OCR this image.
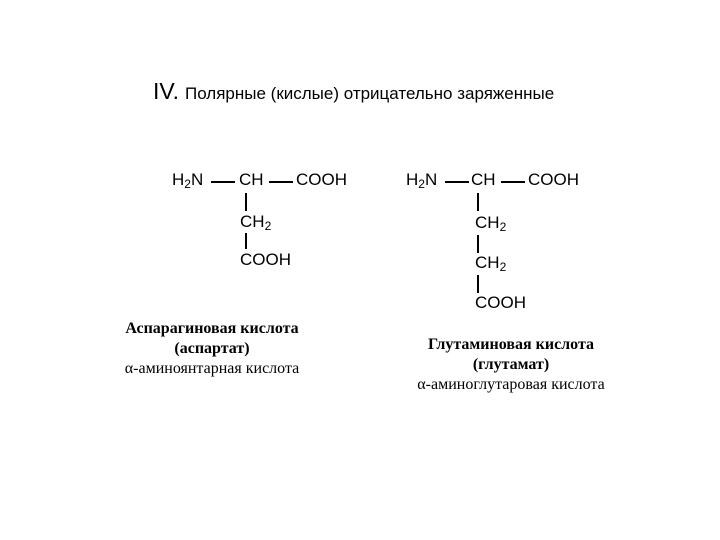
IV. Полярные (кислые) отрицательно заряженные
$H_2N$ CH COOH
$CH_2$
COOH
$H_2N$ CH COOH
$CH_2$
$CH_2$
COOH
Аспарагиновая кислота
(аспартат)
α-аминоянтарная кислота
Глутаминовая кислота
(глутамат)
α-аминоглутаровая кислота
